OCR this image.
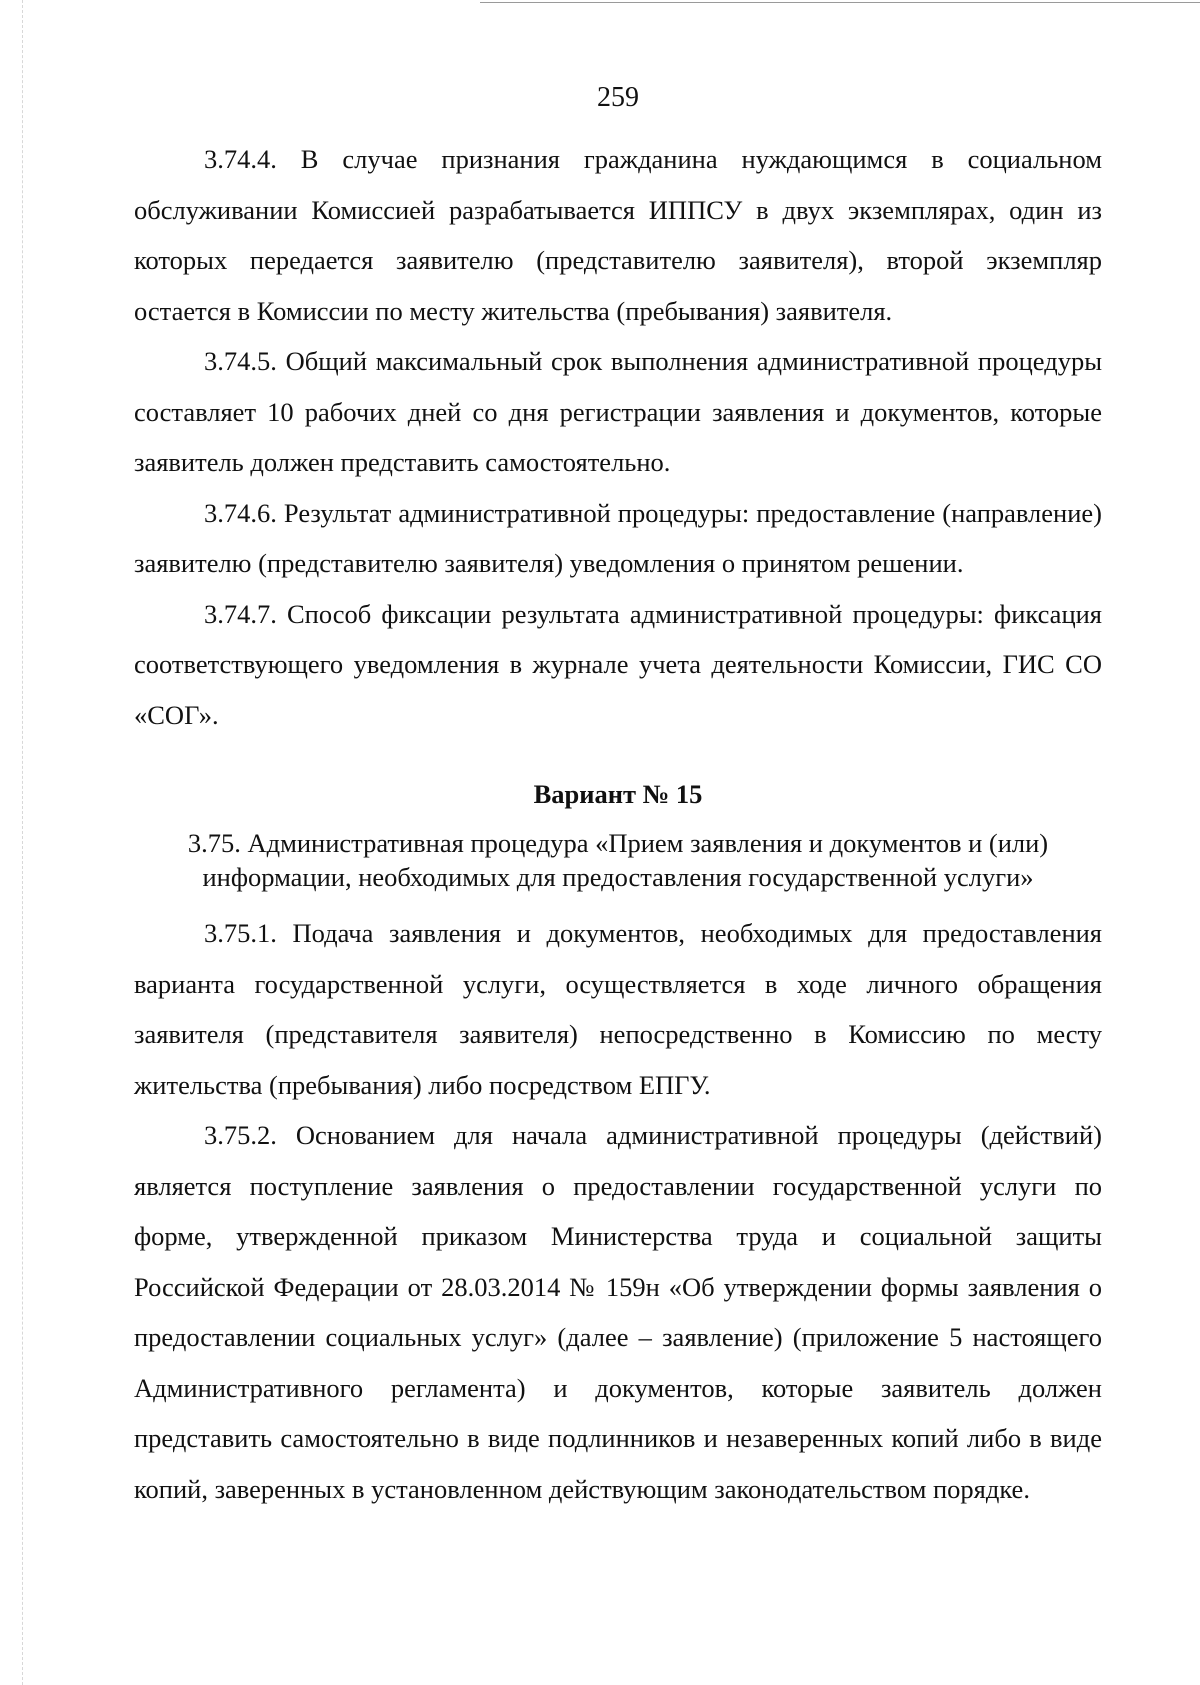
259

3.74.4. В случае признания гражданина нуждающимся в социальном обслуживании Комиссией разрабатывается ИППСУ в двух экземплярах, один из которых передается заявителю (представителю заявителя), второй экземпляр остается в Комиссии по месту жительства (пребывания) заявителя.

3.74.5. Общий максимальный срок выполнения административной процедуры составляет 10 рабочих дней со дня регистрации заявления и документов, которые заявитель должен представить самостоятельно.

3.74.6. Результат административной процедуры: предоставление (направление) заявителю (представителю заявителя) уведомления о принятом решении.

3.74.7. Способ фиксации результата административной процедуры: фиксация соответствующего уведомления в журнале учета деятельности Комиссии, ГИС СО «СОГ».

Вариант № 15
3.75. Административная процедура «Прием заявления и документов и (или) информации, необходимых для предоставления государственной услуги»

3.75.1. Подача заявления и документов, необходимых для предоставления варианта государственной услуги, осуществляется в ходе личного обращения заявителя (представителя заявителя) непосредственно в Комиссию по месту жительства (пребывания) либо посредством ЕПГУ.

3.75.2. Основанием для начала административной процедуры (действий) является поступление заявления о предоставлении государственной услуги по форме, утвержденной приказом Министерства труда и социальной защиты Российской Федерации от 28.03.2014 № 159н «Об утверждении формы заявления о предоставлении социальных услуг» (далее – заявление) (приложение 5 настоящего Административного регламента) и документов, которые заявитель должен представить самостоятельно в виде подлинников и незаверенных копий либо в виде копий, заверенных в установленном действующим законодательством порядке.
